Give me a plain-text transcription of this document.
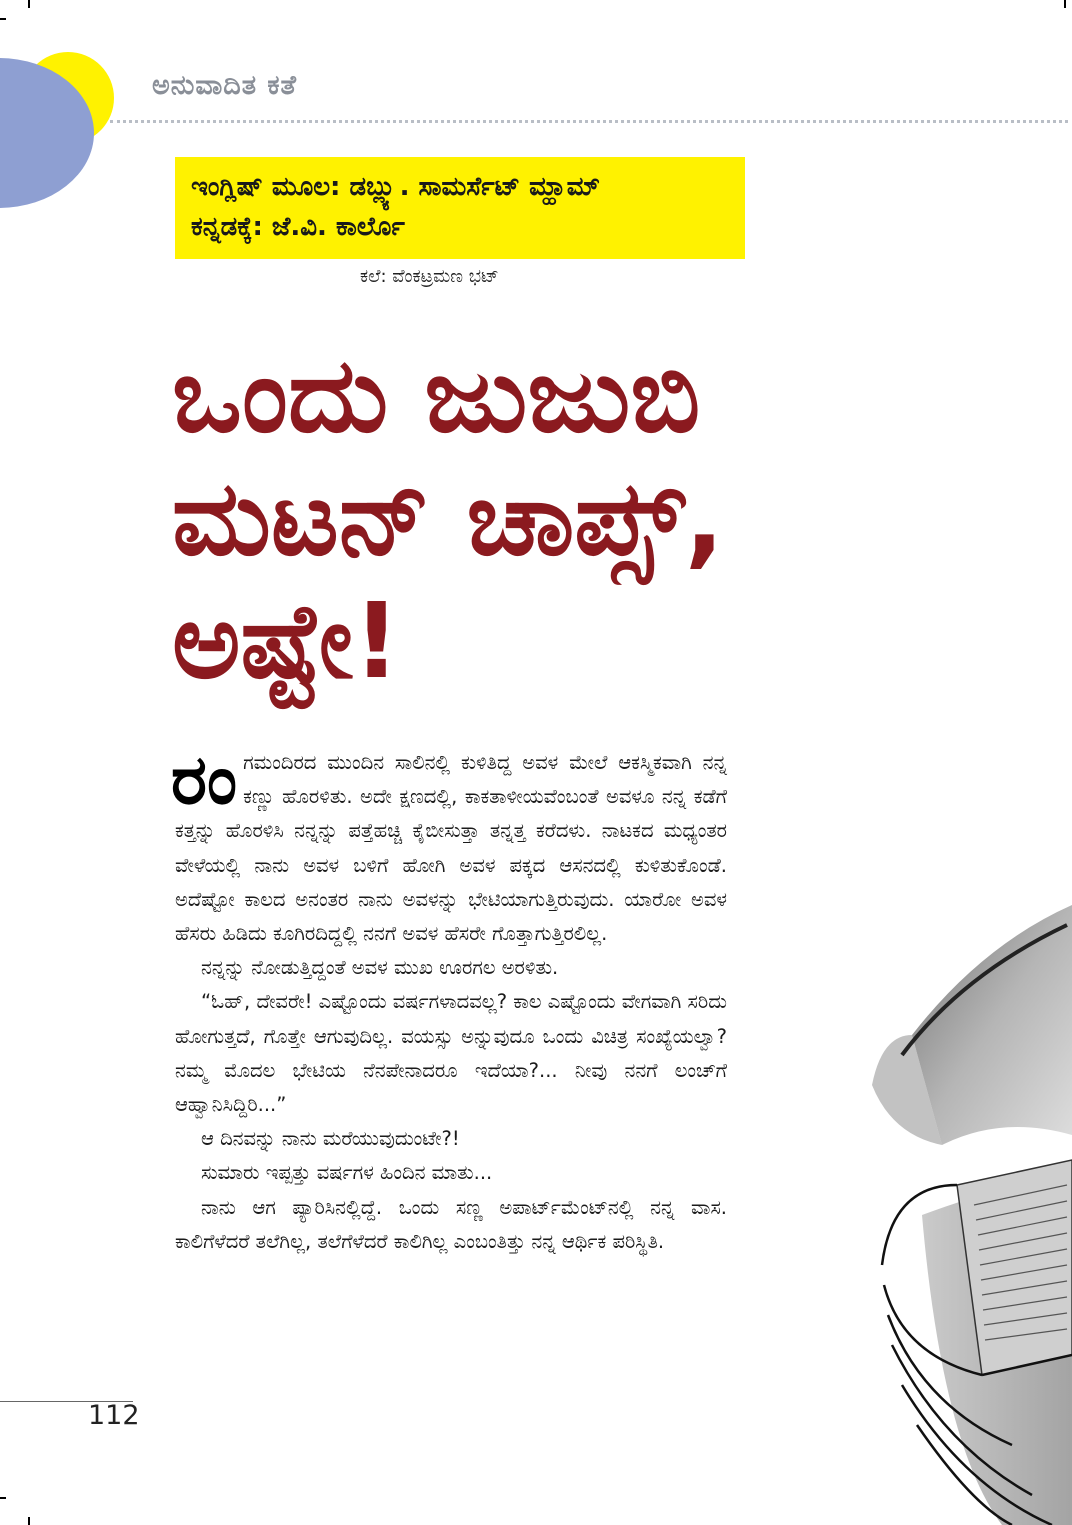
ಅನುವಾದಿತ ಕತೆ
ಇಂಗ್ಲಿಷ್ ಮೂಲ: ಡಬ್ಲ್ಯು. ಸಾಮರ್ಸೆಟ್ ಮ್ಹಾಮ್
ಕನ್ನಡಕ್ಕೆ: ಜೆ.ವಿ. ಕಾರ್ಲೊ
ಕಲೆ: ವೆಂಕಟ್ರಮಣ ಭಟ್
ಒಂದು ಜುಜುಬಿ
ಮಟನ್ ಚಾಪ್ಸ್,
ಅಷ್ಟೇ!

ರಂಗಮಂದಿರದ ಮುಂದಿನ ಸಾಲಿನಲ್ಲಿ ಕುಳಿತಿದ್ದ ಅವಳ ಮೇಲೆ ಆಕಸ್ಮಿಕವಾಗಿ ನನ್ನ ಕಣ್ಣು ಹೊರಳಿತು. ಅದೇ ಕ್ಷಣದಲ್ಲಿ, ಕಾಕತಾಳೀಯವೆಂಬಂತೆ ಅವಳೂ ನನ್ನ ಕಡೆಗೆ ಕತ್ತನ್ನು ಹೊರಳಿಸಿ ನನ್ನನ್ನು ಪತ್ತೆಹಚ್ಚಿ ಕೈಬೀಸುತ್ತಾ ತನ್ನತ್ತ ಕರೆದಳು. ನಾಟಕದ ಮಧ್ಯಂತರ ವೇಳೆಯಲ್ಲಿ ನಾನು ಅವಳ ಬಳಿಗೆ ಹೋಗಿ ಅವಳ ಪಕ್ಕದ ಆಸನದಲ್ಲಿ ಕುಳಿತುಕೊಂಡೆ. ಅದೆಷ್ಟೋ ಕಾಲದ ಅನಂತರ ನಾನು ಅವಳನ್ನು ಭೇಟಿಯಾಗುತ್ತಿರುವುದು. ಯಾರೋ ಅವಳ ಹೆಸರು ಹಿಡಿದು ಕೂಗಿರದಿದ್ದಲ್ಲಿ ನನಗೆ ಅವಳ ಹೆಸರೇ ಗೊತ್ತಾಗುತ್ತಿರಲಿಲ್ಲ.

ನನ್ನನ್ನು ನೋಡುತ್ತಿದ್ದಂತೆ ಅವಳ ಮುಖ ಊರಗಲ ಅರಳಿತು.

“ಓಹ್, ದೇವರೇ! ಎಷ್ಟೊಂದು ವರ್ಷಗಳಾದವಲ್ಲ? ಕಾಲ ಎಷ್ಟೊಂದು ವೇಗವಾಗಿ ಸರಿದು ಹೋಗುತ್ತದೆ, ಗೊತ್ತೇ ಆಗುವುದಿಲ್ಲ. ವಯಸ್ಸು ಅನ್ನುವುದೂ ಒಂದು ವಿಚಿತ್ರ ಸಂಖ್ಯೆಯಲ್ವಾ? ನಮ್ಮ ಮೊದಲ ಭೇಟಿಯ ನೆನಪೇನಾದರೂ ಇದೆಯಾ?... ನೀವು ನನಗೆ ಲಂಚ್‌ಗೆ ಆಹ್ವಾನಿಸಿದ್ದಿರಿ...”

ಆ ದಿನವನ್ನು ನಾನು ಮರೆಯುವುದುಂಟೇ?!

ಸುಮಾರು ಇಪ್ಪತ್ತು ವರ್ಷಗಳ ಹಿಂದಿನ ಮಾತು...

ನಾನು ಆಗ ಪ್ಯಾರಿಸಿನಲ್ಲಿದ್ದೆ. ಒಂದು ಸಣ್ಣ ಅಪಾರ್ಟ್‌ಮೆಂಟ್‌ನಲ್ಲಿ ನನ್ನ ವಾಸ. ಕಾಲಿಗೆಳೆದರೆ ತಲೆಗಿಲ್ಲ, ತಲೆಗೆಳೆದರೆ ಕಾಲಿಗಿಲ್ಲ ಎಂಬಂತಿತ್ತು ನನ್ನ ಆರ್ಥಿಕ ಪರಿಸ್ಥಿತಿ.

112
